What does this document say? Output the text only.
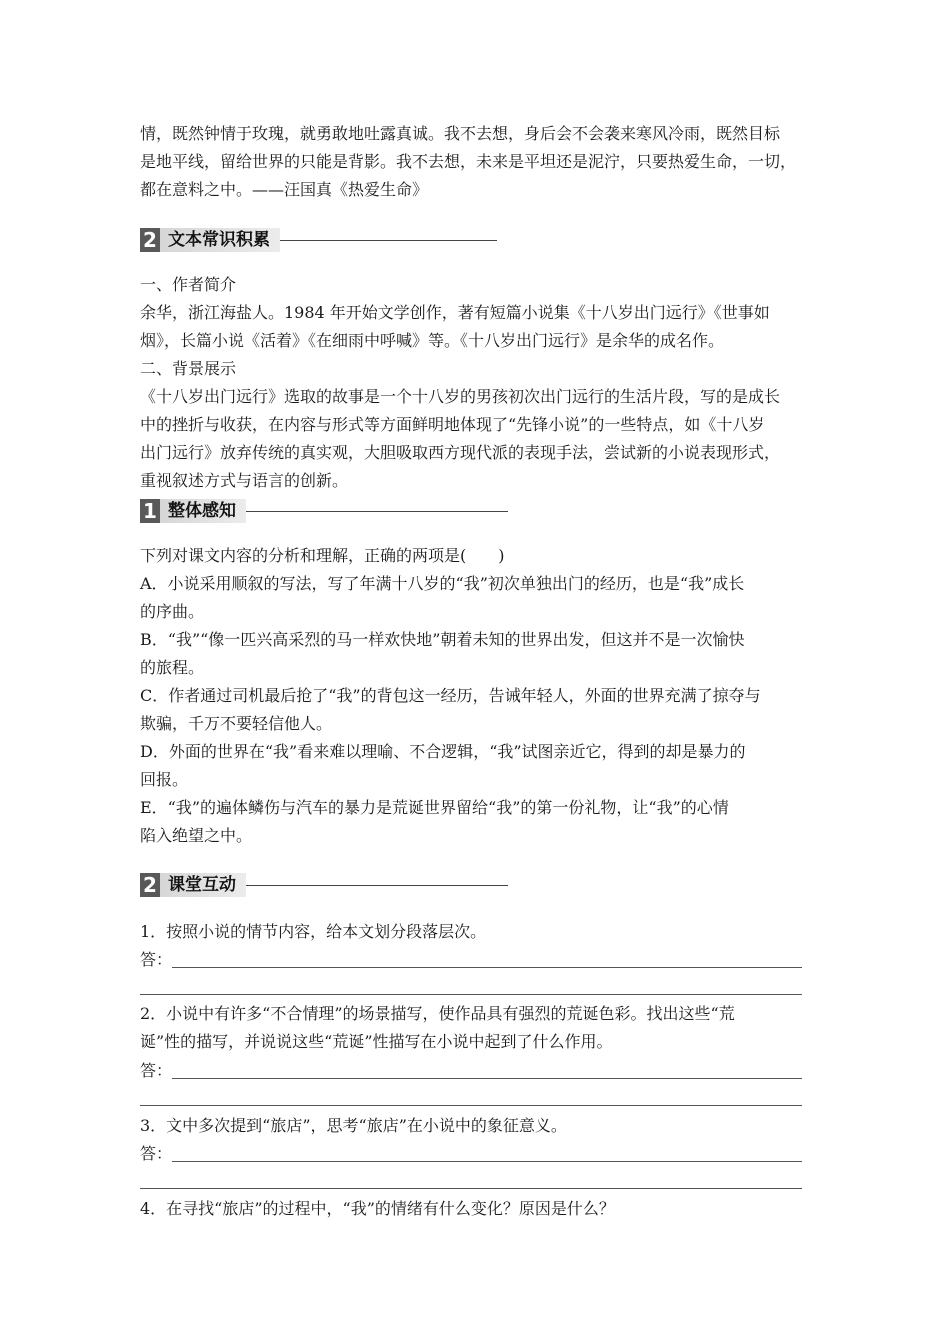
情，既然钟情于玫瑰，就勇敢地吐露真诚。我不去想，身后会不会袭来寒风冷雨，既然目标
是地平线，留给世界的只能是背影。我不去想，未来是平坦还是泥泞，只要热爱生命，一切，
都在意料之中。——汪国真《热爱生命》
2 文本常识积累
一、作者简介
余华，浙江海盐人。1984 年开始文学创作，著有短篇小说集《十八岁出门远行》《世事如
烟》，长篇小说《活着》《在细雨中呼喊》等。《十八岁出门远行》是余华的成名作。
二、背景展示
《十八岁出门远行》选取的故事是一个十八岁的男孩初次出门远行的生活片段，写的是成长
中的挫折与收获，在内容与形式等方面鲜明地体现了“先锋小说”的一些特点，如《十八岁
出门远行》放弃传统的真实观，大胆吸取西方现代派的表现手法，尝试新的小说表现形式，
重视叙述方式与语言的创新。
1 整体感知
下列对课文内容的分析和理解，正确的两项是(　　)
A．小说采用顺叙的写法，写了年满十八岁的“我”初次单独出门的经历，也是“我”成长
的序曲。
B．“我”“像一匹兴高采烈的马一样欢快地”朝着未知的世界出发，但这并不是一次愉快
的旅程。
C．作者通过司机最后抢了“我”的背包这一经历，告诫年轻人，外面的世界充满了掠夺与
欺骗，千万不要轻信他人。
D．外面的世界在“我”看来难以理喻、不合逻辑，“我”试图亲近它，得到的却是暴力的
回报。
E．“我”的遍体鳞伤与汽车的暴力是荒诞世界留给“我”的第一份礼物，让“我”的心情
陷入绝望之中。
2 课堂互动
1．按照小说的情节内容，给本文划分段落层次。
答：
2．小说中有许多“不合情理”的场景描写，使作品具有强烈的荒诞色彩。找出这些“荒
诞”性的描写，并说说这些“荒诞”性描写在小说中起到了什么作用。
答：
3．文中多次提到“旅店”，思考“旅店”在小说中的象征意义。
答：
4．在寻找“旅店”的过程中，“我”的情绪有什么变化？原因是什么？
